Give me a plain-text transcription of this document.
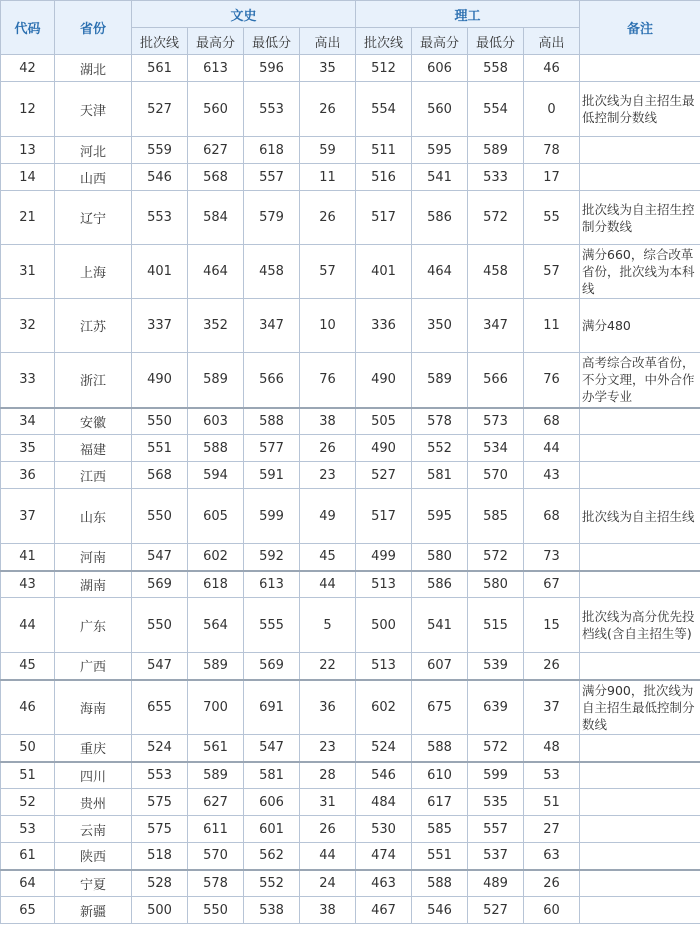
代码	省份	文史				理工				备注
		批次线	最高分	最低分	高出	批次线	最高分	最低分	高出	
42	湖北	561	613	596	35	512	606	558	46	
12	天津	527	560	553	26	554	560	554	0	批次线为自主招生最低控制分数线
13	河北	559	627	618	59	511	595	589	78	
14	山西	546	568	557	11	516	541	533	17	
21	辽宁	553	584	579	26	517	586	572	55	批次线为自主招生控制分数线
31	上海	401	464	458	57	401	464	458	57	满分660，综合改革省份，批次线为本科线
32	江苏	337	352	347	10	336	350	347	11	满分480
33	浙江	490	589	566	76	490	589	566	76	高考综合改革省份，不分文理，中外合作办学专业
34	安徽	550	603	588	38	505	578	573	68	
35	福建	551	588	577	26	490	552	534	44	
36	江西	568	594	591	23	527	581	570	43	
37	山东	550	605	599	49	517	595	585	68	批次线为自主招生线
41	河南	547	602	592	45	499	580	572	73	
43	湖南	569	618	613	44	513	586	580	67	
44	广东	550	564	555	5	500	541	515	15	批次线为高分优先投档线(含自主招生等)
45	广西	547	589	569	22	513	607	539	26	
46	海南	655	700	691	36	602	675	639	37	满分900，批次线为自主招生最低控制分数线
50	重庆	524	561	547	23	524	588	572	48	
51	四川	553	589	581	28	546	610	599	53	
52	贵州	575	627	606	31	484	617	535	51	
53	云南	575	611	601	26	530	585	557	27	
61	陕西	518	570	562	44	474	551	537	63	
64	宁夏	528	578	552	24	463	588	489	26	
65	新疆	500	550	538	38	467	546	527	60	
